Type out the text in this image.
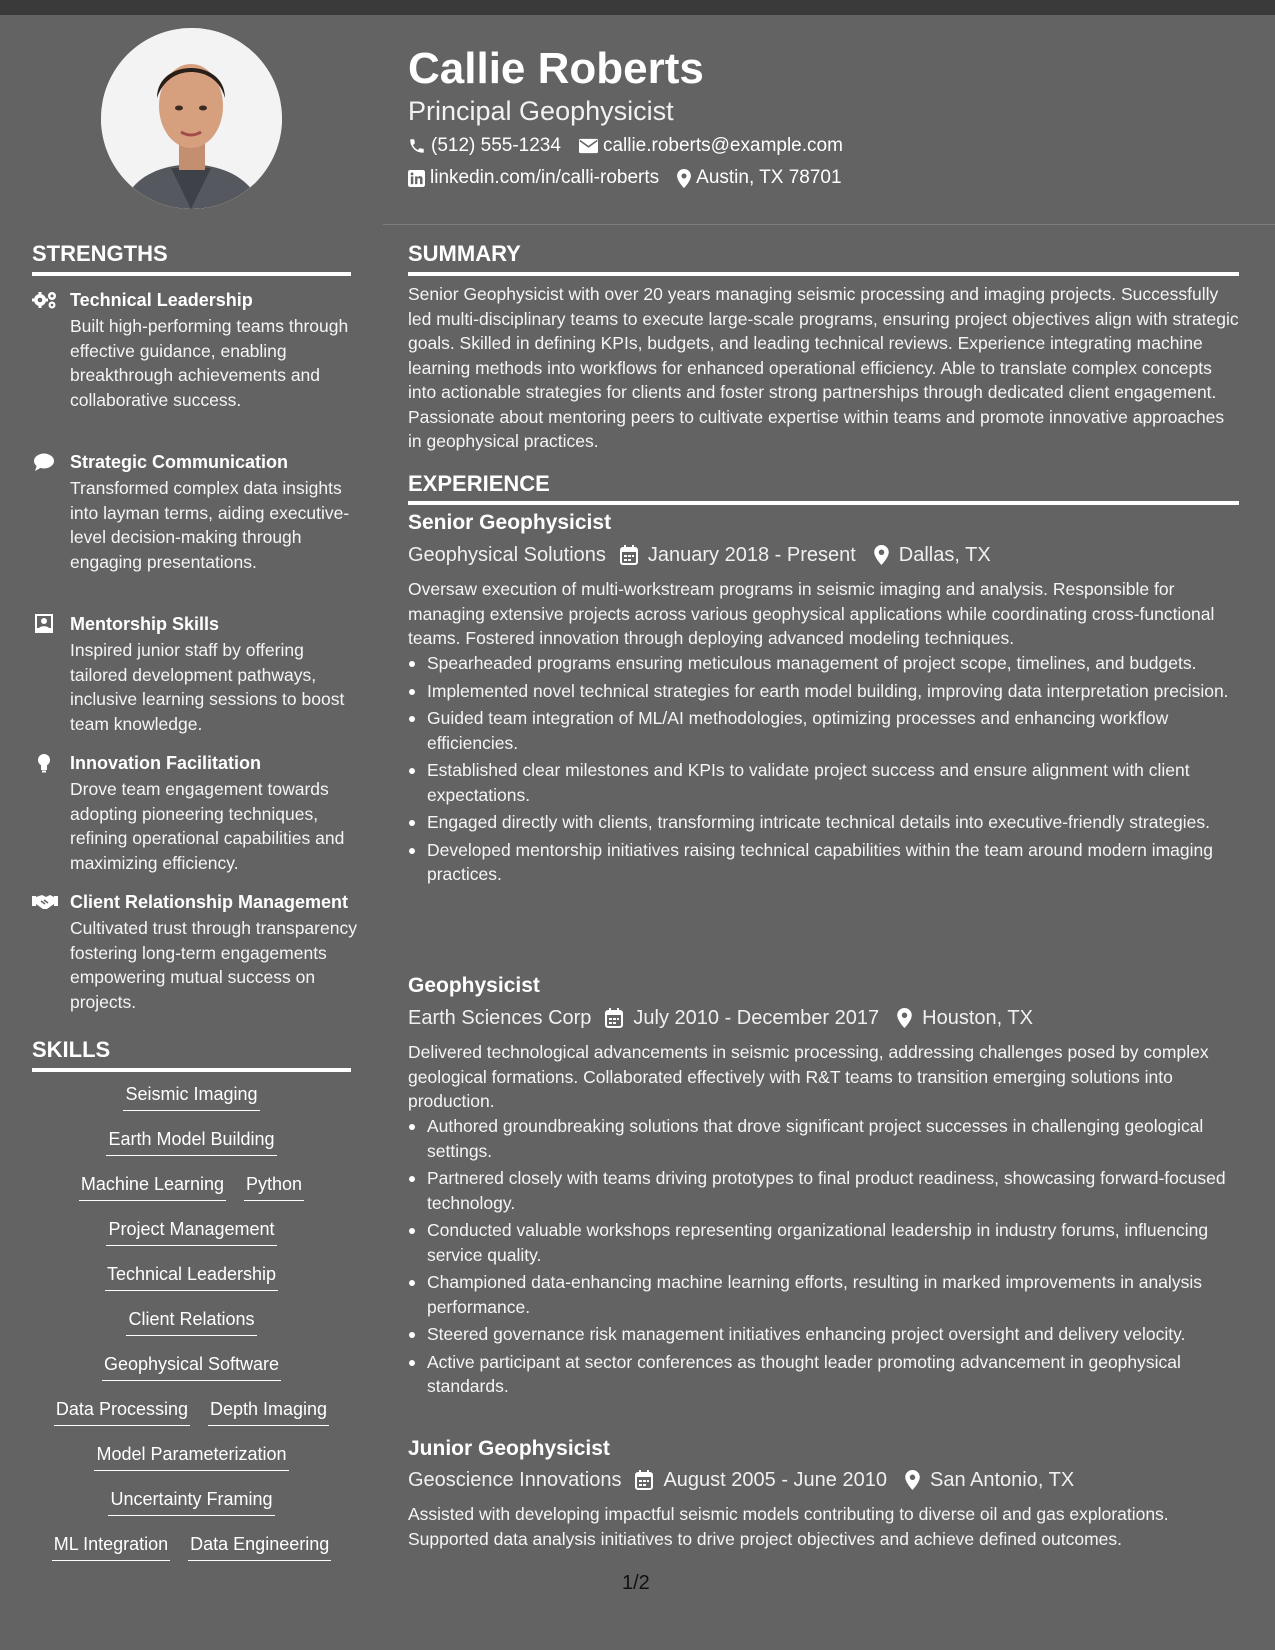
Callie Roberts
Principal Geophysicist
(512) 555-1234 callie.roberts@example.com
linkedin.com/in/calli-roberts Austin, TX 78701
STRENGTHS
Technical Leadership
Built high-performing teams through effective guidance, enabling breakthrough achievements and collaborative success.
Strategic Communication
Transformed complex data insights into layman terms, aiding executive-level decision-making through engaging presentations.
Mentorship Skills
Inspired junior staff by offering tailored development pathways, inclusive learning sessions to boost team knowledge.
Innovation Facilitation
Drove team engagement towards adopting pioneering techniques, refining operational capabilities and maximizing efficiency.
Client Relationship Management
Cultivated trust through transparency fostering long-term engagements empowering mutual success on projects.
SKILLS
Seismic Imaging
Earth Model Building
Machine Learning Python
Project Management
Technical Leadership
Client Relations
Geophysical Software
Data Processing Depth Imaging
Model Parameterization
Uncertainty Framing
ML Integration Data Engineering
SUMMARY
Senior Geophysicist with over 20 years managing seismic processing and imaging projects. Successfully led multi-disciplinary teams to execute large-scale programs, ensuring project objectives align with strategic goals. Skilled in defining KPIs, budgets, and leading technical reviews. Experience integrating machine learning methods into workflows for enhanced operational efficiency. Able to translate complex concepts into actionable strategies for clients and foster strong partnerships through dedicated client engagement. Passionate about mentoring peers to cultivate expertise within teams and promote innovative approaches in geophysical practices.
EXPERIENCE
Senior Geophysicist
Geophysical Solutions January 2018 - Present Dallas, TX
Oversaw execution of multi-workstream programs in seismic imaging and analysis. Responsible for managing extensive projects across various geophysical applications while coordinating cross-functional teams. Fostered innovation through deploying advanced modeling techniques.
Spearheaded programs ensuring meticulous management of project scope, timelines, and budgets.
Implemented novel technical strategies for earth model building, improving data interpretation precision.
Guided team integration of ML/AI methodologies, optimizing processes and enhancing workflow efficiencies.
Established clear milestones and KPIs to validate project success and ensure alignment with client expectations.
Engaged directly with clients, transforming intricate technical details into executive-friendly strategies.
Developed mentorship initiatives raising technical capabilities within the team around modern imaging practices.
Geophysicist
Earth Sciences Corp July 2010 - December 2017 Houston, TX
Delivered technological advancements in seismic processing, addressing challenges posed by complex geological formations. Collaborated effectively with R&T teams to transition emerging solutions into production.
Authored groundbreaking solutions that drove significant project successes in challenging geological settings.
Partnered closely with teams driving prototypes to final product readiness, showcasing forward-focused technology.
Conducted valuable workshops representing organizational leadership in industry forums, influencing service quality.
Championed data-enhancing machine learning efforts, resulting in marked improvements in analysis performance.
Steered governance risk management initiatives enhancing project oversight and delivery velocity.
Active participant at sector conferences as thought leader promoting advancement in geophysical standards.
Junior Geophysicist
Geoscience Innovations August 2005 - June 2010 San Antonio, TX
Assisted with developing impactful seismic models contributing to diverse oil and gas explorations. Supported data analysis initiatives to drive project objectives and achieve defined outcomes.
1/2
